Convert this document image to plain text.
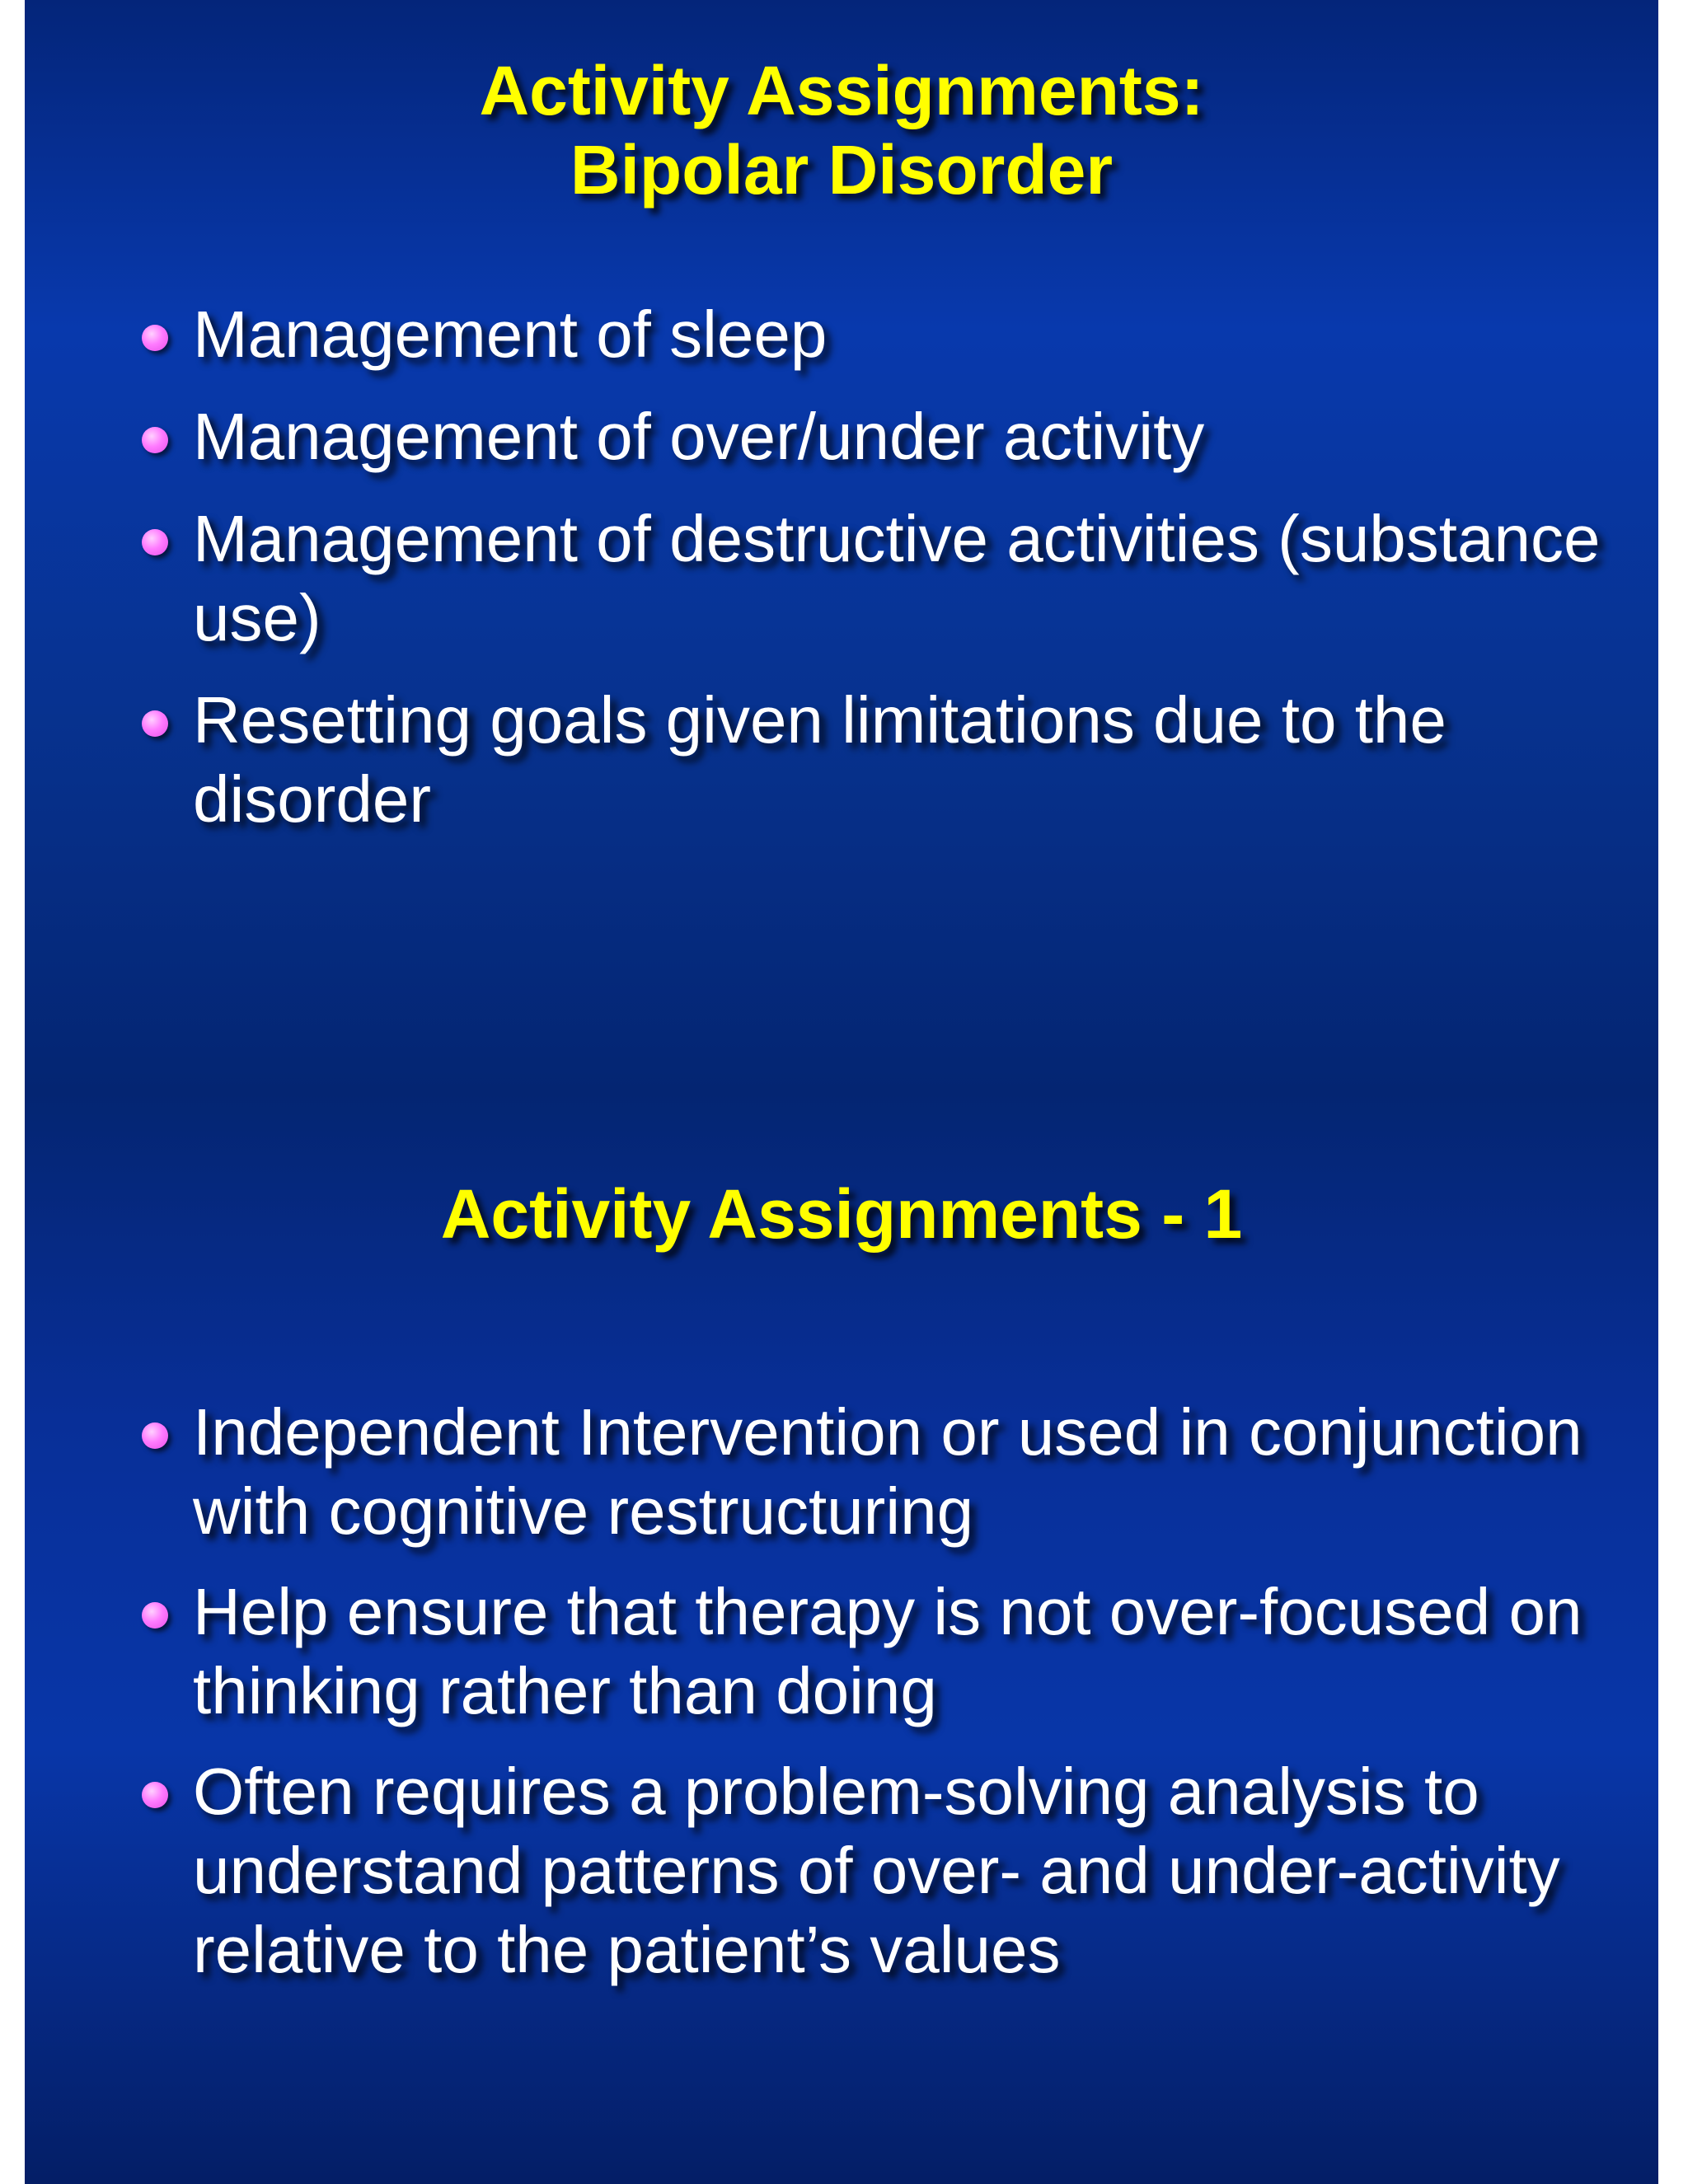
Activity Assignments:
Bipolar Disorder
Management of sleep
Management of over/under activity
Management of destructive activities (substance use)
Resetting goals given limitations due to the disorder
Activity Assignments - 1
Independent Intervention or used in conjunction with cognitive restructuring
Help ensure that therapy is not over-focused on thinking rather than doing
Often requires a problem-solving analysis to understand patterns of over- and under-activity relative to the patient’s values
